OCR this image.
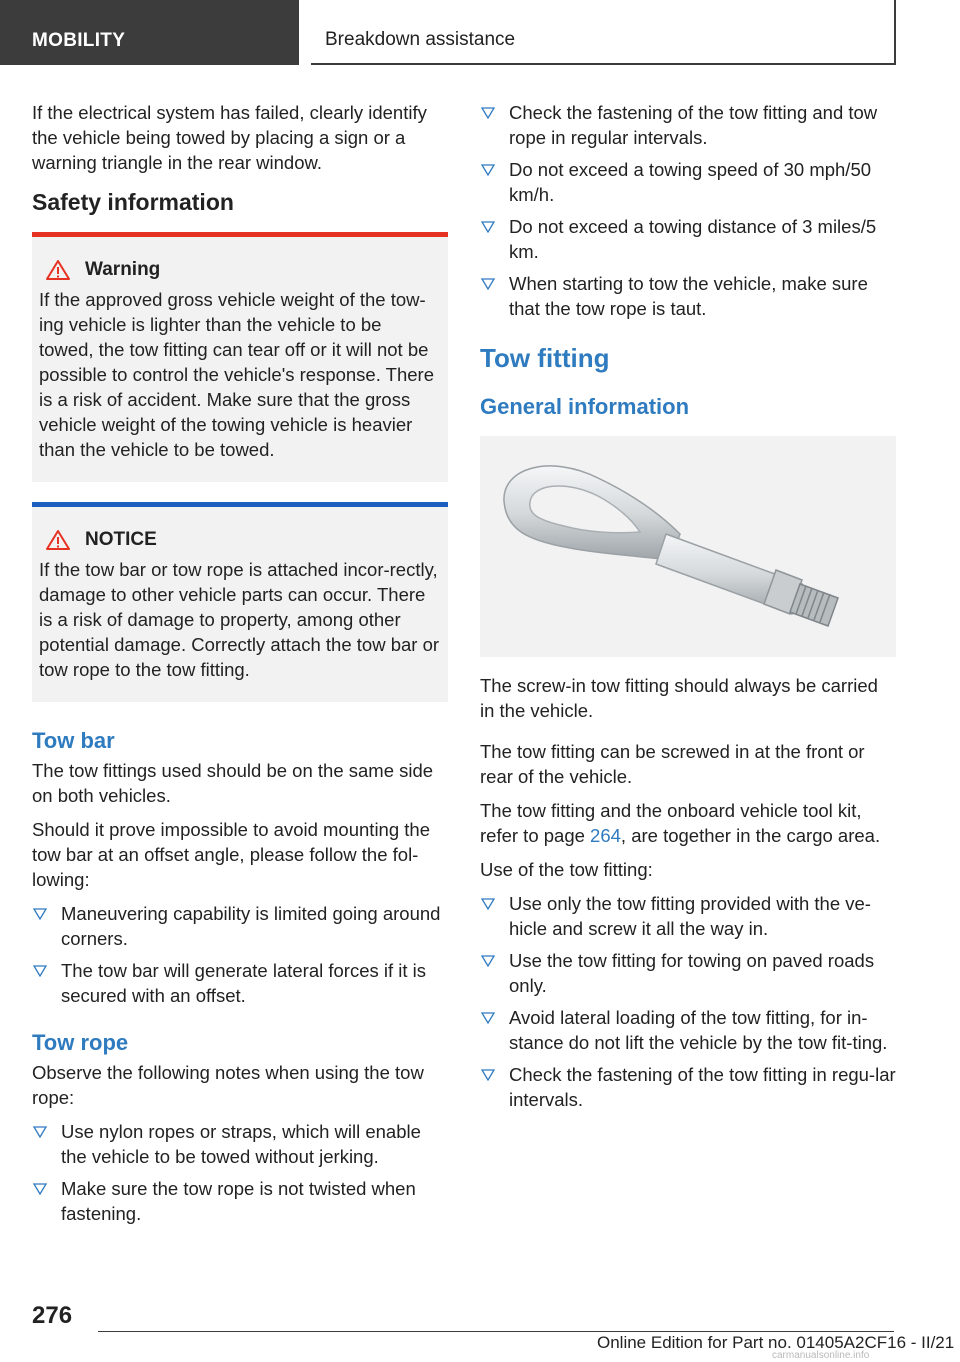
MOBILITY	Breakdown assistance

If the electrical system has failed, clearly identify the vehicle being towed by placing a sign or a warning triangle in the rear window.

Safety information
Warning

If the approved gross vehicle weight of the tow-ing vehicle is lighter than the vehicle to be towed, the tow fitting can tear off or it will not be possible to control the vehicle's response. There is a risk of accident. Make sure that the gross vehicle weight of the towing vehicle is heavier than the vehicle to be towed.

NOTICE

If the tow bar or tow rope is attached incor-rectly, damage to other vehicle parts can occur. There is a risk of damage to property, among other potential damage. Correctly attach the tow bar or tow rope to the tow fitting.

Tow bar

The tow fittings used should be on the same side on both vehicles.

Should it prove impossible to avoid mounting the tow bar at an offset angle, please follow the fol-lowing:

Maneuvering capability is limited going around corners.
The tow bar will generate lateral forces if it is secured with an offset.
Tow rope

Observe the following notes when using the tow rope:

Use nylon ropes or straps, which will enable the vehicle to be towed without jerking.
Make sure the tow rope is not twisted when fastening.
Check the fastening of the tow fitting and tow rope in regular intervals.
Do not exceed a towing speed of 30 mph/50 km/h.
Do not exceed a towing distance of 3 miles/5 km.
When starting to tow the vehicle, make sure that the tow rope is taut.
Tow fitting
General information

The screw-in tow fitting should always be carried in the vehicle.

The tow fitting can be screwed in at the front or rear of the vehicle.

The tow fitting and the onboard vehicle tool kit, refer to page 264, are together in the cargo area.

Use of the tow fitting:

Use only the tow fitting provided with the ve-hicle and screw it all the way in.
Use the tow fitting for towing on paved roads only.
Avoid lateral loading of the tow fitting, for in-stance do not lift the vehicle by the tow fit-ting.
Check the fastening of the tow fitting in regu-lar intervals.
276
Online Edition for Part no. 01405A2CF16 - II/21
carmanualsonline.info
